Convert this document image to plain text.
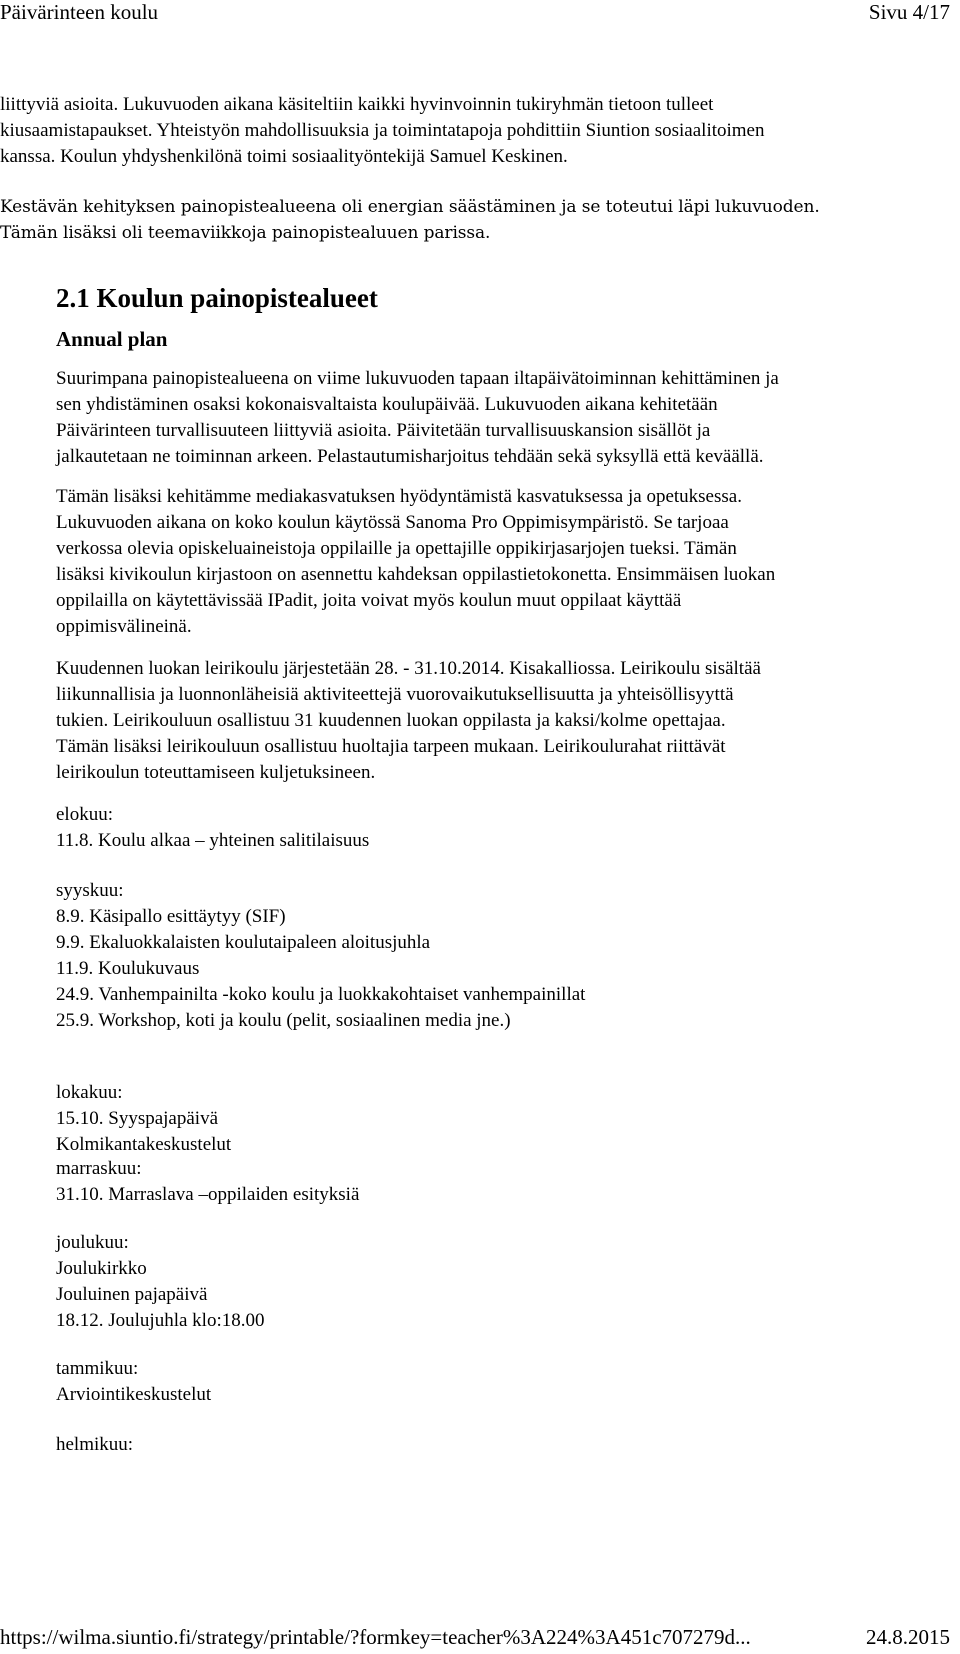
Päivärinteen koulu	Sivu 4/17
liittyviä asioita. Lukuvuoden aikana käsiteltiin kaikki hyvinvoinnin tukiryhmän tietoon tulleet
kiusaamistapaukset. Yhteistyön mahdollisuuksia ja toimintatapoja pohdittiin Siuntion sosiaalitoimen
kanssa. Koulun yhdyshenkilönä toimi sosiaalityöntekijä Samuel Keskinen.
Kestävän kehityksen painopistealueena oli energian säästäminen ja se toteutui läpi lukuvuoden.
Tämän lisäksi oli teemaviikkoja painopistealuuen parissa.
2.1 Koulun painopistealueet
Annual plan
Suurimpana painopistealueena on viime lukuvuoden tapaan iltapäivätoiminnan kehittäminen ja
sen yhdistäminen osaksi kokonaisvaltaista koulupäivää. Lukuvuoden aikana kehitetään
Päivärinteen turvallisuuteen liittyviä asioita. Päivitetään turvallisuuskansion sisällöt ja
jalkautetaan ne toiminnan arkeen. Pelastautumisharjoitus tehdään sekä syksyllä että keväällä.
Tämän lisäksi kehitämme mediakasvatuksen hyödyntämistä kasvatuksessa ja opetuksessa.
Lukuvuoden aikana on koko koulun käytössä Sanoma Pro Oppimisympäristö. Se tarjoaa
verkossa olevia opiskeluaineistoja oppilaille ja opettajille oppikirjasarjojen tueksi. Tämän
lisäksi kivikoulun kirjastoon on asennettu kahdeksan oppilastietokonetta. Ensimmäisen luokan
oppilailla on käytettävissää IPadit, joita voivat myös koulun muut oppilaat käyttää
oppimisvälineinä.
Kuudennen luokan leirikoulu järjestetään 28. - 31.10.2014. Kisakalliossa. Leirikoulu sisältää
liikunnallisia ja luonnonläheisiä aktiviteettejä vuorovaikutuksellisuutta ja yhteisöllisyyttä
tukien. Leirikouluun osallistuu 31 kuudennen luokan oppilasta ja kaksi/kolme opettajaa.
Tämän lisäksi leirikouluun osallistuu huoltajia tarpeen mukaan. Leirikoulurahat riittävät
leirikoulun toteuttamiseen kuljetuksineen.
elokuu:
11.8. Koulu alkaa – yhteinen salitilaisuus
syyskuu:
8.9. Käsipallo esittäytyy (SIF)
9.9. Ekaluokkalaisten koulutaipaleen aloitusjuhla
11.9. Koulukuvaus
24.9. Vanhempainilta -koko koulu ja luokkakohtaiset vanhempainillat
25.9. Workshop, koti ja koulu (pelit, sosiaalinen media jne.)
lokakuu:
15.10. Syyspajapäivä
Kolmikantakeskustelut
marraskuu:
31.10. Marraslava –oppilaiden esityksiä
joulukuu:
Joulukirkko
Jouluinen pajapäivä
18.12. Joulujuhla klo:18.00
tammikuu:
Arviointikeskustelut
helmikuu:
https://wilma.siuntio.fi/strategy/printable/?formkey=teacher%3A224%3A451c707279d...	24.8.2015
